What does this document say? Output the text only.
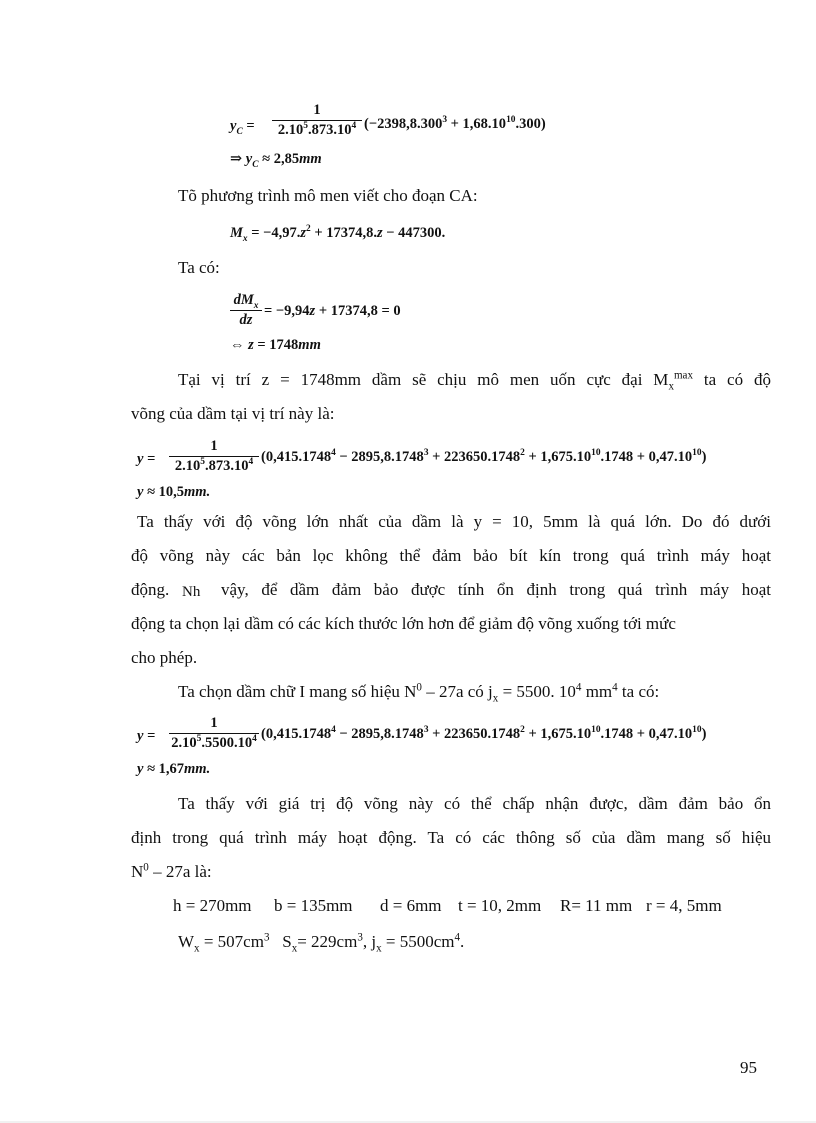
$y_C$ =
1
2.10$^5$.873.10$^4$ $(-2398,8.300^3 + 1,68.10^{10}.300)$
⇒ $y_C \approx 2,85mm$
Tõ phương trình mô men viết cho đoạn CA:
$M_x = -4,97.z^2 + 17374,8.z - 447300$.
Ta có:
$dM_x$
dz
= −9,94z + 17374,8 = 0
⇔ z = 1748mm
Tại vị trí z = 1748mm dầm sẽ chịu mô men uốn cực đại $M_x^{max}$ ta có độ
võng của dầm tại vị trí này là:
y =
1
2.10$^5$.873.10$^4$ $(0,415.1748^4 - 2895,8.1748^3 + 223650.1748^2 + 1,675.10^{10}.1748 + 0,47.10^{10})$
y ≈ 10,5mm.
Ta thấy với độ võng lớn nhất của dầm là y = 10, 5mm là quá lớn. Do đó dưới
độ võng này các bản lọc không thể đảm bảo bít kín trong quá trình máy hoạt
động. Nh vậy, để dầm đảm bảo được tính ổn định trong quá trình máy hoạt
động ta chọn lại dầm có các kích thước lớn hơn để giảm độ võng xuống tới mức
cho phép.
Ta chọn dầm chữ I mang số hiệu $N^0 - 27a$ có $j_x = 5500$. $10^4$ $mm^4$ ta có:
y =
1
2.10$^5$.5500.10$^4$ $(0,415.1748^4 - 2895,8.1748^3 + 223650.1748^2 + 1,675.10^{10}.1748 + 0,47.10^{10})$
y ≈ 1,67mm.
Ta thấy với giá trị độ võng này có thể chấp nhận được, dầm đảm bảo ổn
định trong quá trình máy hoạt động. Ta có các thông số của dầm mang số hiệu
$N^0 - 27a$ là:
h = 270mm b = 135mm d = 6mm t = 10, 2mm R= 11 mm r = 4, 5mm
$W_x = 507cm^3$ $S_x= 229cm^3$, $j_x = 5500cm^4$.
95
